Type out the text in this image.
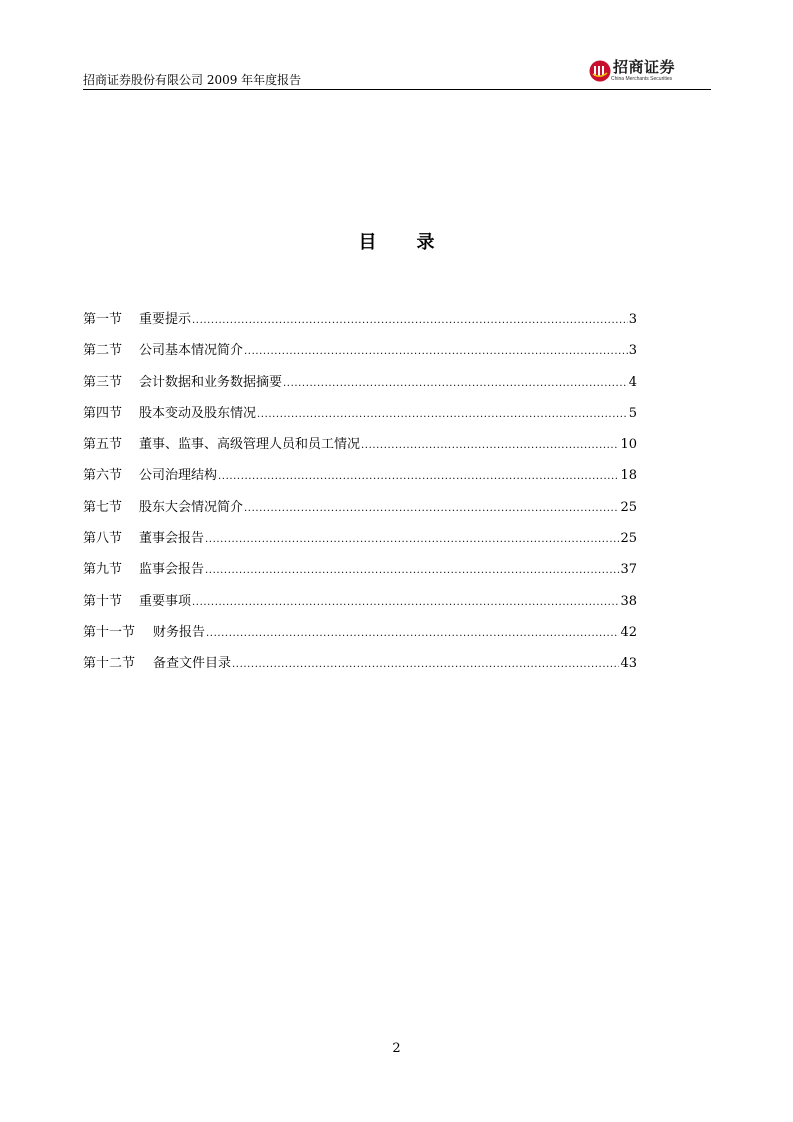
招商证券股份有限公司 2009 年年度报告
招商证券
China Merchants Securities
目 录
第一节	重要提示 .....	3
第二节	公司基本情况简介 .....	3
第三节	会计数据和业务数据摘要 .....	4
第四节	股本变动及股东情况 .....	5
第五节	董事、监事、高级管理人员和员工情况 .....	10
第六节	公司治理结构 .....	18
第七节	股东大会情况简介 .....	25
第八节	董事会报告 .....	25
第九节	监事会报告 .....	37
第十节	重要事项 .....	38
第十一节	财务报告 .....	42
第十二节	备查文件目录 .....	43
2
